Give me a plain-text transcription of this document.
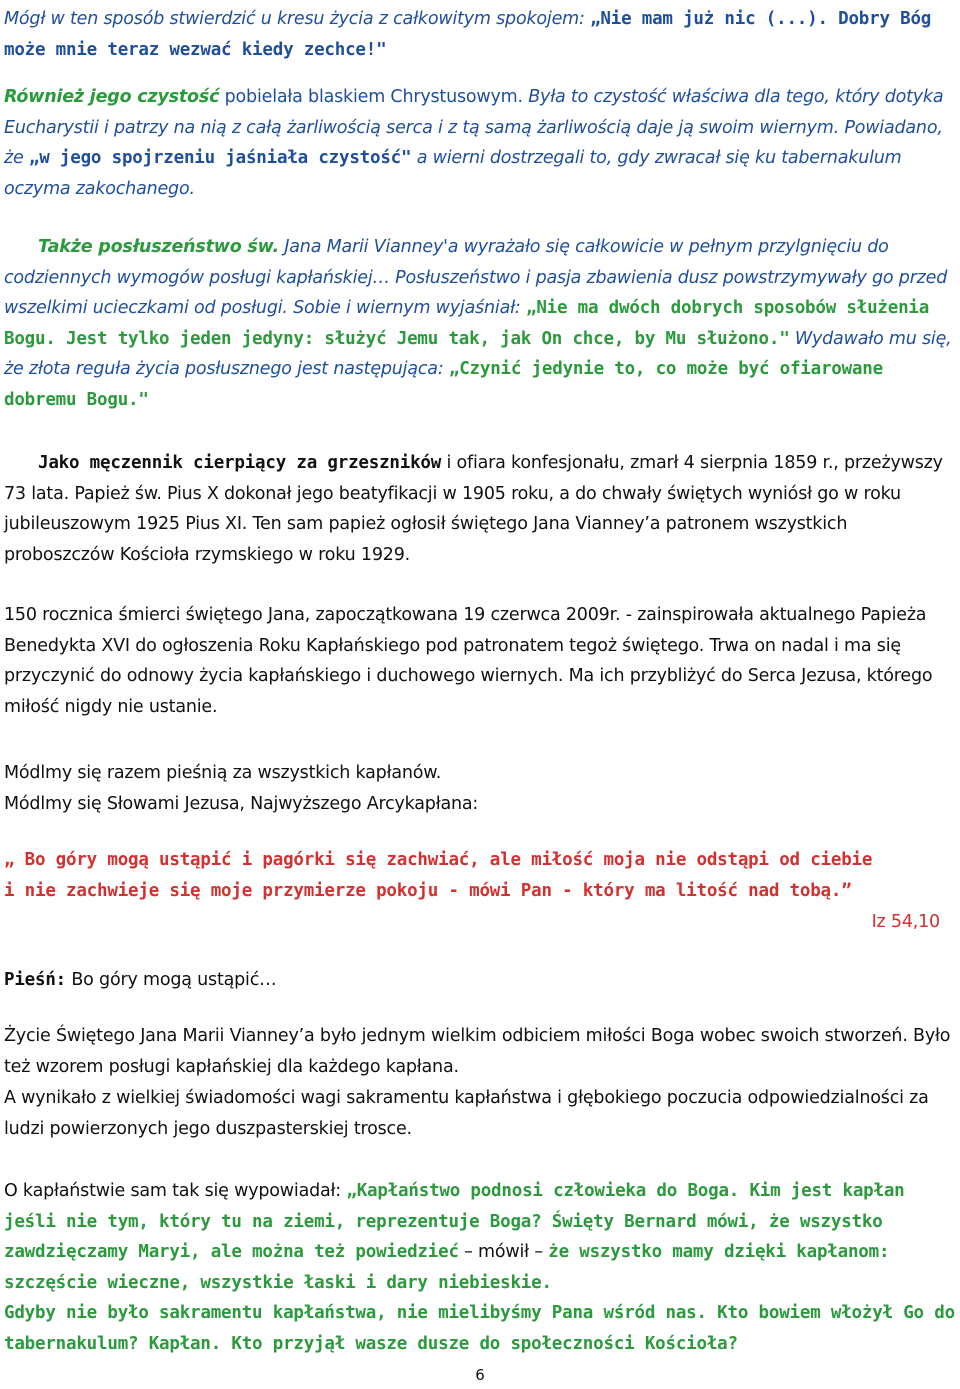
Mógł w ten sposób stwierdzić u kresu życia z całkowitym spokojem: „Nie mam już nic (...). Dobry Bóg może mnie teraz wezwać kiedy zechce!"

Również jego czystość pobielała blaskiem Chrystusowym. Była to czystość właściwa dla tego, który dotyka Eucharystii i patrzy na nią z całą żarliwością serca i z tą samą żarliwością daje ją swoim wiernym. Powiadano, że „w jego spojrzeniu jaśniała czystość" a wierni dostrzegali to, gdy zwracał się ku tabernakulum oczyma zakochanego.

Także posłuszeństwo św. Jana Marii Vianney'a wyrażało się całkowicie w pełnym przylgnięciu do codziennych wymogów posługi kapłańskiej… Posłuszeństwo i pasja zbawienia dusz powstrzymywały go przed wszelkimi ucieczkami od posługi. Sobie i wiernym wyjaśniał: „Nie ma dwóch dobrych sposobów służenia Bogu. Jest tylko jeden jedyny: służyć Jemu tak, jak On chce, by Mu służono." Wydawało mu się, że złota reguła życia posłusznego jest następująca: „Czynić jedynie to, co może być ofiarowane dobremu Bogu."

Jako męczennik cierpiący za grzeszników i ofiara konfesjonału, zmarł 4 sierpnia 1859 r., przeżywszy 73 lata. Papież św. Pius X dokonał jego beatyfikacji w 1905 roku, a do chwały świętych wyniósł go w roku jubileuszowym 1925 Pius XI. Ten sam papież ogłosił świętego Jana Vianney’a patronem wszystkich proboszczów Kościoła rzymskiego w roku 1929.

150 rocznica śmierci świętego Jana, zapoczątkowana 19 czerwca 2009r. - zainspirowała aktualnego Papieża Benedykta XVI do ogłoszenia Roku Kapłańskiego pod patronatem tegoż świętego. Trwa on nadal i ma się przyczynić do odnowy życia kapłańskiego i duchowego wiernych. Ma ich przybliżyć do Serca Jezusa, którego miłość nigdy nie ustanie.

Módlmy się razem pieśnią za wszystkich kapłanów.

Módlmy się Słowami Jezusa, Najwyższego Arcykapłana:

„ Bo góry mogą ustąpić i pagórki się zachwiać, ale miłość moja nie odstąpi od ciebie

i nie zachwieje się moje przymierze pokoju - mówi Pan - który ma litość nad tobą.”

Iz 54,10

Pieśń: Bo góry mogą ustąpić…

Życie Świętego Jana Marii Vianney’a było jednym wielkim odbiciem miłości Boga wobec swoich stworzeń. Było też wzorem posługi kapłańskiej dla każdego kapłana.

A wynikało z wielkiej świadomości wagi sakramentu kapłaństwa i głębokiego poczucia odpowiedzialności za ludzi powierzonych jego duszpasterskiej trosce.

O kapłaństwie sam tak się wypowiadał: „Kapłaństwo podnosi człowieka do Boga. Kim jest kapłan jeśli nie tym, który tu na ziemi, reprezentuje Boga? Święty Bernard mówi, że wszystko zawdzięczamy Maryi, ale można też powiedzieć – mówił – że wszystko mamy dzięki kapłanom: szczęście wieczne, wszystkie łaski i dary niebieskie.

Gdyby nie było sakramentu kapłaństwa, nie mielibyśmy Pana wśród nas. Kto bowiem włożył Go do tabernakulum? Kapłan. Kto przyjął wasze dusze do społeczności Kościoła?

6
